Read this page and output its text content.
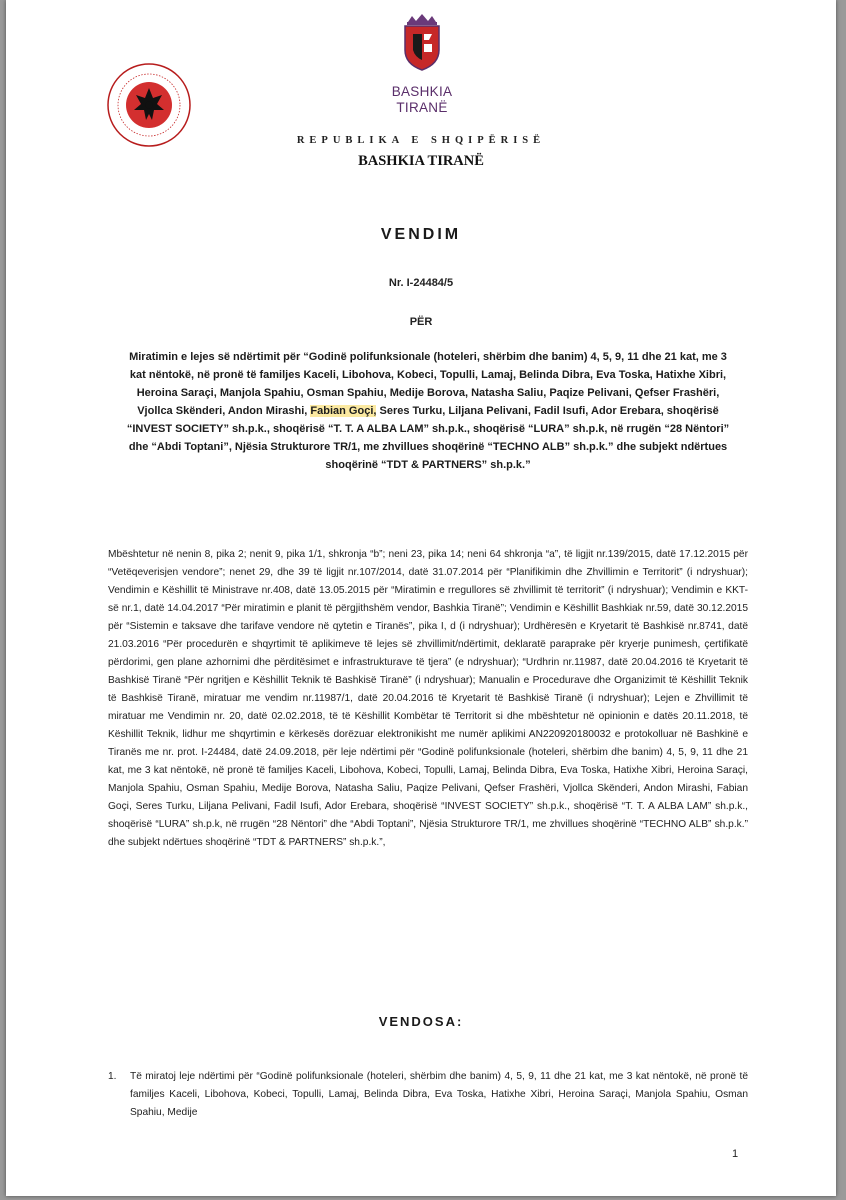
BASHKIA
TIRANË
REPUBLIKA E SHQIPËRISË
BASHKIA TIRANË
VENDIM
Nr. I-24484/5
PËR
Miratimin e lejes së ndërtimit për “Godinë polifunksionale (hoteleri, shërbim dhe banim) 4, 5, 9, 11 dhe 21 kat, me 3 kat nëntokë, në pronë të familjes Kaceli, Libohova, Kobeci, Topulli, Lamaj, Belinda Dibra, Eva Toska, Hatixhe Xibri, Heroina Saraçi, Manjola Spahiu, Osman Spahiu, Medije Borova, Natasha Saliu, Paqize Pelivani, Qefser Frashëri, Vjollca Skënderi, Andon Mirashi, Fabian Goçi, Seres Turku, Liljana Pelivani, Fadil Isufi, Ador Erebara, shoqërisë “INVEST SOCIETY” sh.p.k., shoqërisë “T. T. A ALBA LAM” sh.p.k., shoqërisë “LURA” sh.p.k, në rrugën “28 Nëntori” dhe “Abdi Toptani”, Njësia Strukturore TR/1, me zhvillues shoqërinë “TECHNO ALB” sh.p.k.” dhe subjekt ndërtues shoqërinë “TDT & PARTNERS” sh.p.k.”
Mbështetur në nenin 8, pika 2; nenit 9, pika 1/1, shkronja “b”; neni 23, pika 14; neni 64 shkronja “a”, të ligjit nr.139/2015, datë 17.12.2015 për “Vetëqeverisjen vendore”; nenet 29, dhe 39 të ligjit nr.107/2014, datë 31.07.2014 për “Planifikimin dhe Zhvillimin e Territorit” (i ndryshuar); Vendimin e Këshillit të Ministrave nr.408, datë 13.05.2015 për “Miratimin e rregullores së zhvillimit të territorit” (i ndryshuar); Vendimin e KKT-së nr.1, datë 14.04.2017 “Për miratimin e planit të përgjithshëm vendor, Bashkia Tiranë”; Vendimin e Këshillit Bashkiak nr.59, datë 30.12.2015 për “Sistemin e taksave dhe tarifave vendore në qytetin e Tiranës”, pika I, d (i ndryshuar); Urdhëresën e Kryetarit të Bashkisë nr.8741, datë 21.03.2016 “Për procedurën e shqyrtimit të aplikimeve të lejes së zhvillimit/ndërtimit, deklaratë paraprake për kryerje punimesh, çertifikatë përdorimi, gen plane azhornimi dhe përditësimet e infrastrukturave të tjera” (e ndryshuar); “Urdhrin nr.11987, datë 20.04.2016 të Kryetarit të Bashkisë Tiranë “Për ngritjen e Këshillit Teknik të Bashkisë Tiranë” (i ndryshuar); Manualin e Procedurave dhe Organizimit të Këshillit Teknik të Bashkisë Tiranë, miratuar me vendim nr.11987/1, datë 20.04.2016 të Kryetarit të Bashkisë Tiranë (i ndryshuar); Lejen e Zhvillimit të miratuar me Vendimin nr. 20, datë 02.02.2018, të të Këshillit Kombëtar të Territorit si dhe mbështetur në opinionin e datës 20.11.2018, të Këshillit Teknik, lidhur me shqyrtimin e kërkesës dorëzuar elektronikisht me numër aplikimi AN220920180032 e protokolluar në Bashkinë e Tiranës me nr. prot. I-24484, datë 24.09.2018, për leje ndërtimi për “Godinë polifunksionale (hoteleri, shërbim dhe banim) 4, 5, 9, 11 dhe 21 kat, me 3 kat nëntokë, në pronë të familjes Kaceli, Libohova, Kobeci, Topulli, Lamaj, Belinda Dibra, Eva Toska, Hatixhe Xibri, Heroina Saraçi, Manjola Spahiu, Osman Spahiu, Medije Borova, Natasha Saliu, Paqize Pelivani, Qefser Frashëri, Vjollca Skënderi, Andon Mirashi, Fabian Goçi, Seres Turku, Liljana Pelivani, Fadil Isufi, Ador Erebara, shoqërisë “INVEST SOCIETY” sh.p.k., shoqërisë “T. T. A ALBA LAM” sh.p.k., shoqërisë “LURA” sh.p.k, në rrugën “28 Nëntori” dhe “Abdi Toptani”, Njësia Strukturore TR/1, me zhvillues shoqërinë “TECHNO ALB” sh.p.k.” dhe subjekt ndërtues shoqërinë “TDT & PARTNERS” sh.p.k.”,
VENDOSA:
1.	Të miratoj leje ndërtimi për “Godinë polifunksionale (hoteleri, shërbim dhe banim) 4, 5, 9, 11 dhe 21 kat, me 3 kat nëntokë, në pronë të familjes Kaceli, Libohova, Kobeci, Topulli, Lamaj, Belinda Dibra, Eva Toska, Hatixhe Xibri, Heroina Saraçi, Manjola Spahiu, Osman Spahiu, Medije
1
